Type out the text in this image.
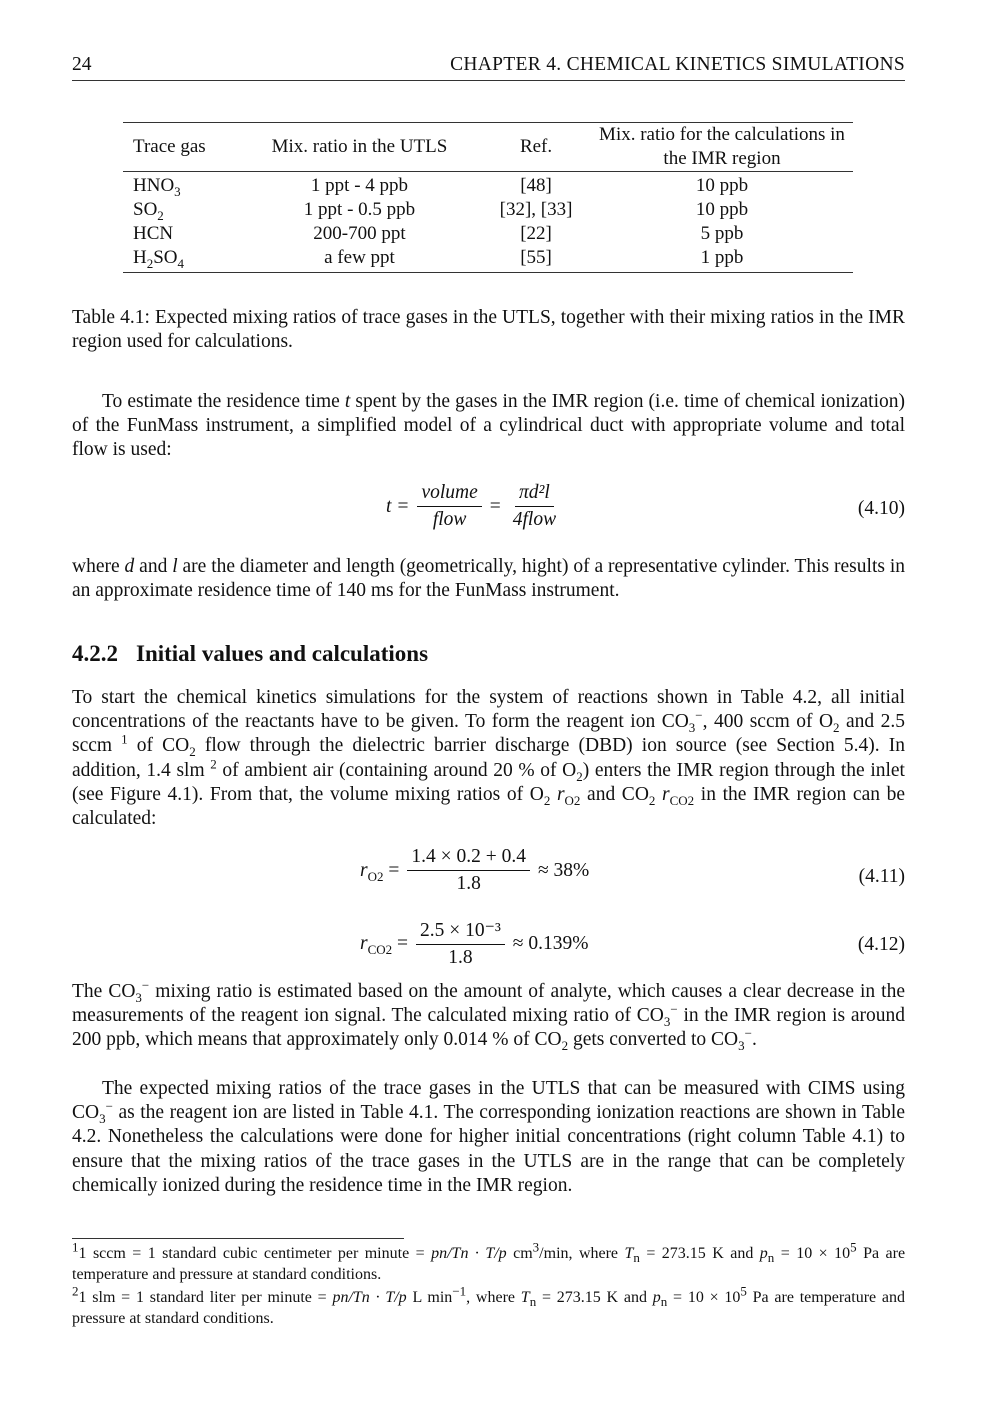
24	CHAPTER 4. CHEMICAL KINETICS SIMULATIONS
Trace gas	Mix. ratio in the UTLS	Ref.	Mix. ratio for the calculations in the IMR region
$HNO_3$	1 ppt - 4 ppb	[48]	10 ppb
$SO_2$	1 ppt - 0.5 ppb	[32], [33]	10 ppb
HCN	200-700 ppt	[22]	5 ppb
$H_2SO_4$	a few ppt	[55]	1 ppb
Table 4.1: Expected mixing ratios of trace gases in the UTLS, together with their mixing ratios in the IMR region used for calculations.
To estimate the residence time t spent by the gases in the IMR region (i.e. time of chemical ionization) of the FunMass instrument, a simplified model of a cylindrical duct with appropriate volume and total flow is used:
$t = \frac{\text{volume}}{\text{flow}} = \frac{\text{πd²l}}{\text{4flow}}$	(4.10)
where d and l are the diameter and length (geometrically, hight) of a representative cylinder. This results in an approximate residence time of 140 ms for the FunMass instrument.
4.2.2 Initial values and calculations
To start the chemical kinetics simulations for the system of reactions shown in Table 4.2, all initial concentrations of the reactants have to be given. To form the reagent ion $CO_3^-$, 400 sccm of $O_2$ and 2.5 sccm $^1$ of $CO_2$ flow through the dielectric barrier discharge (DBD) ion source (see Section 5.4). In addition, 1.4 slm $^2$ of ambient air (containing around 20 % of $O_2$) enters the IMR region through the inlet (see Figure 4.1). From that, the volume mixing ratios of $O_2$ $r_{O2}$ and $CO_2$ $r_{CO2}$ in the IMR region can be calculated:
$r_{O2} = \frac{1.4 \times 0.2 + 0.4}{1.8} \approx 38\%$	(4.11)
$r_{CO2} = \frac{\text{2.5 × 10⁻³}}{1.8} \approx 0.139\%$	(4.12)
The $CO_3^-$ mixing ratio is estimated based on the amount of analyte, which causes a clear decrease in the measurements of the reagent ion signal. The calculated mixing ratio of $CO_3^-$ in the IMR region is around 200 ppb, which means that approximately only 0.014 % of $CO_2$ gets converted to $CO_3^-$.
The expected mixing ratios of the trace gases in the UTLS that can be measured with CIMS using $CO_3^-$ as the reagent ion are listed in Table 4.1. The corresponding ionization reactions are shown in Table 4.2. Nonetheless the calculations were done for higher initial concentrations (right column Table 4.1) to ensure that the mixing ratios of the trace gases in the UTLS are in the range that can be completely chemically ionized during the residence time in the IMR region.
$^1$1 sccm = 1 standard cubic centimeter per minute = pn/Tn · T/p $cm^3/\min$, where $T_n = 273.15$ K and $p_n = 10 \times 10^5$ Pa are temperature and pressure at standard conditions.
$^2$1 slm = 1 standard liter per minute = pn/Tn · T/p L $\min^{-1}$, where $T_n = 273.15$ K and $p_n = 10 \times 10^5$ Pa are temperature and pressure at standard conditions.
